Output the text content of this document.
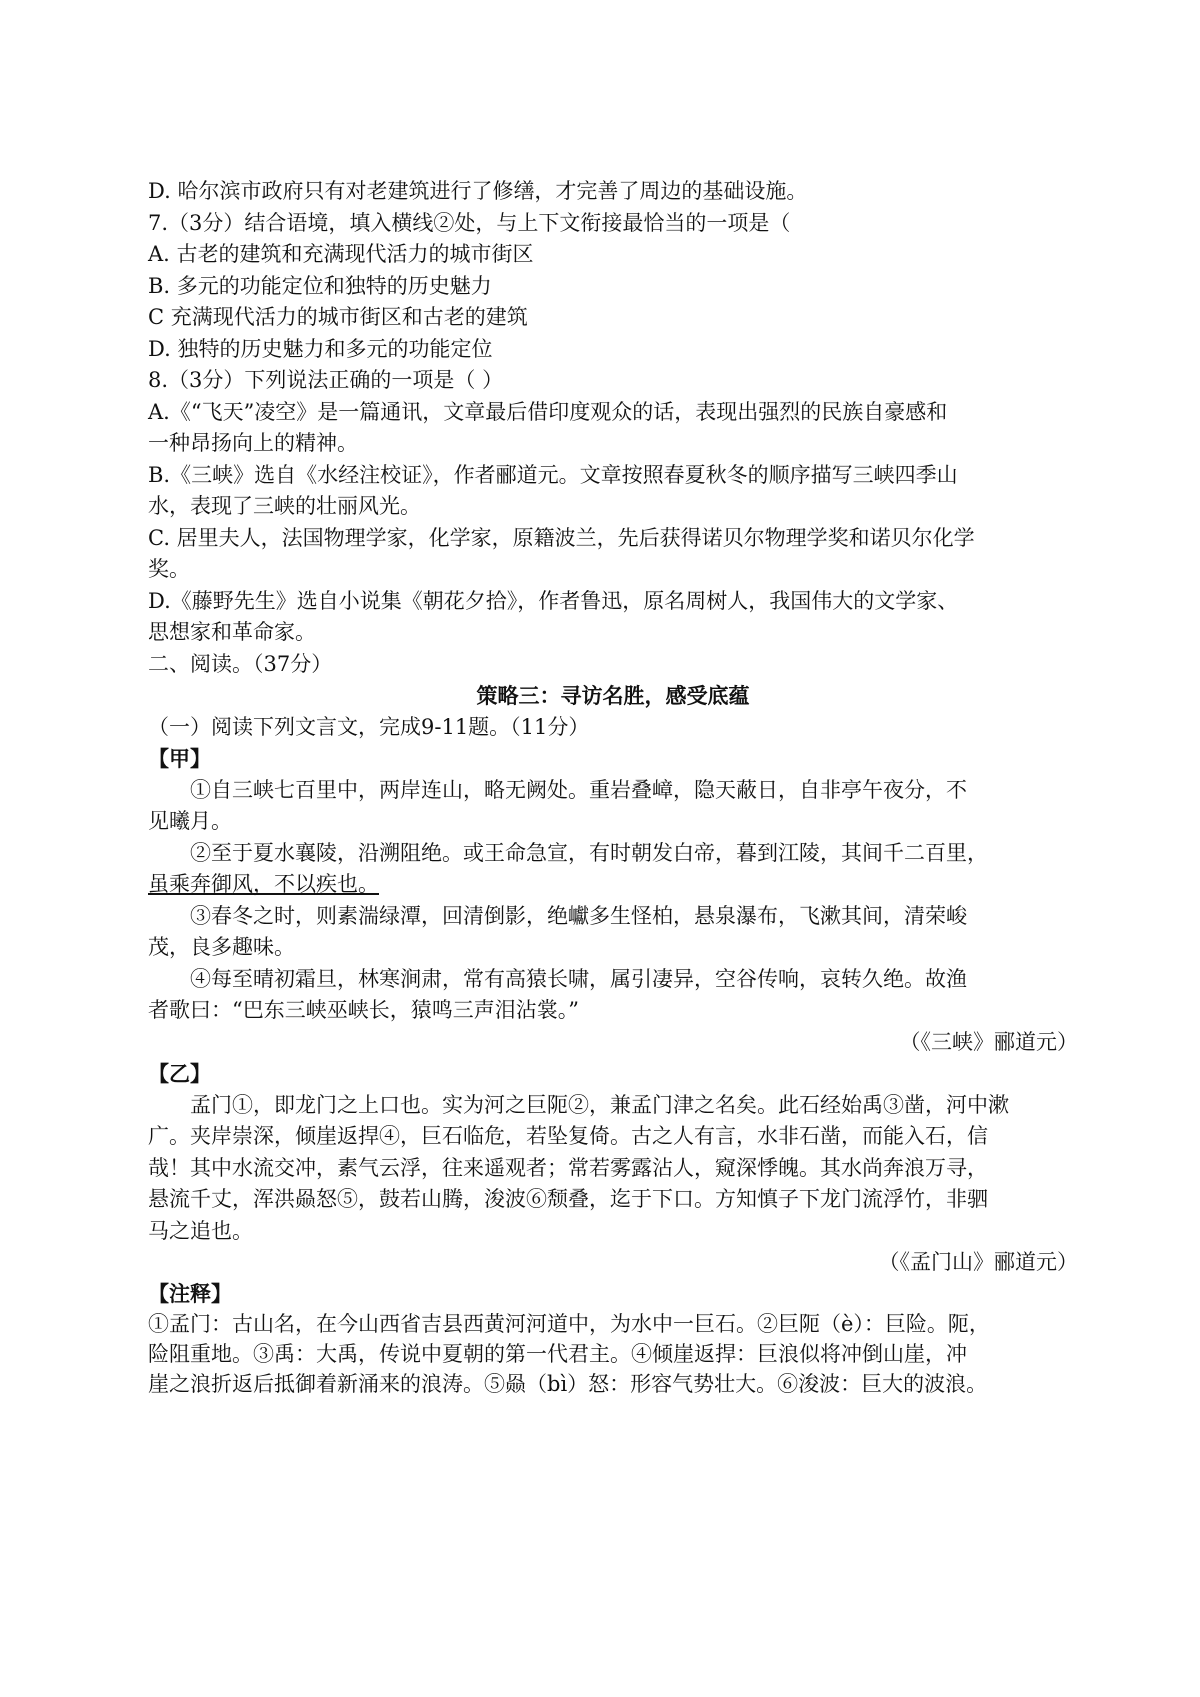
D. 哈尔滨市政府只有对老建筑进行了修缮，才完善了周边的基础设施。
7.（3分）结合语境，填入横线②处，与上下文衔接最恰当的一项是（
A. 古老的建筑和充满现代活力的城市街区
B. 多元的功能定位和独特的历史魅力
C 充满现代活力的城市街区和古老的建筑
D. 独特的历史魅力和多元的功能定位
8.（3分）下列说法正确的一项是（ ）
A.《“飞天”凌空》是一篇通讯，文章最后借印度观众的话，表现出强烈的民族自豪感和
一种昂扬向上的精神。
B.《三峡》选自《水经注校证》，作者郦道元。文章按照春夏秋冬的顺序描写三峡四季山
水，表现了三峡的壮丽风光。
C. 居里夫人，法国物理学家，化学家，原籍波兰，先后获得诺贝尔物理学奖和诺贝尔化学
奖。
D.《藤野先生》选自小说集《朝花夕拾》，作者鲁迅，原名周树人，我国伟大的文学家、
思想家和革命家。
二、阅读。（37分）
策略三：寻访名胜，感受底蕴
（一）阅读下列文言文，完成9-11题。（11分）
【甲】
①自三峡七百里中，两岸连山，略无阙处。重岩叠嶂，隐天蔽日，自非亭午夜分，不
见曦月。
②至于夏水襄陵，沿溯阻绝。或王命急宣，有时朝发白帝，暮到江陵，其间千二百里，
虽乘奔御风，不以疾也。
③春冬之时，则素湍绿潭，回清倒影，绝巘多生怪柏，悬泉瀑布，飞漱其间，清荣峻
茂，良多趣味。
④每至晴初霜旦，林寒涧肃，常有高猿长啸，属引凄异，空谷传响，哀转久绝。故渔
者歌曰：“巴东三峡巫峡长，猿鸣三声泪沾裳。”
（《三峡》郦道元）
【乙】
孟门①，即龙门之上口也。实为河之巨阨②，兼孟门津之名矣。此石经始禹③凿，河中漱
广。夹岸崇深，倾崖返捍④，巨石临危，若坠复倚。古之人有言，水非石凿，而能入石，信
哉！其中水流交冲，素气云浮，往来遥观者；常若雾露沾人，窥深悸魄。其水尚奔浪万寻，
悬流千丈，浑洪赑怒⑤，鼓若山腾，浚波⑥颓叠，迄于下口。方知慎子下龙门流浮竹，非驷
马之追也。
（《孟门山》郦道元）
【注释】
①孟门：古山名，在今山西省吉县西黄河河道中，为水中一巨石。②巨阨（è）：巨险。阨，
险阻重地。③禹：大禹，传说中夏朝的第一代君主。④倾崖返捍：巨浪似将冲倒山崖，冲
崖之浪折返后抵御着新涌来的浪涛。⑤赑（bì）怒：形容气势壮大。⑥浚波：巨大的波浪。
